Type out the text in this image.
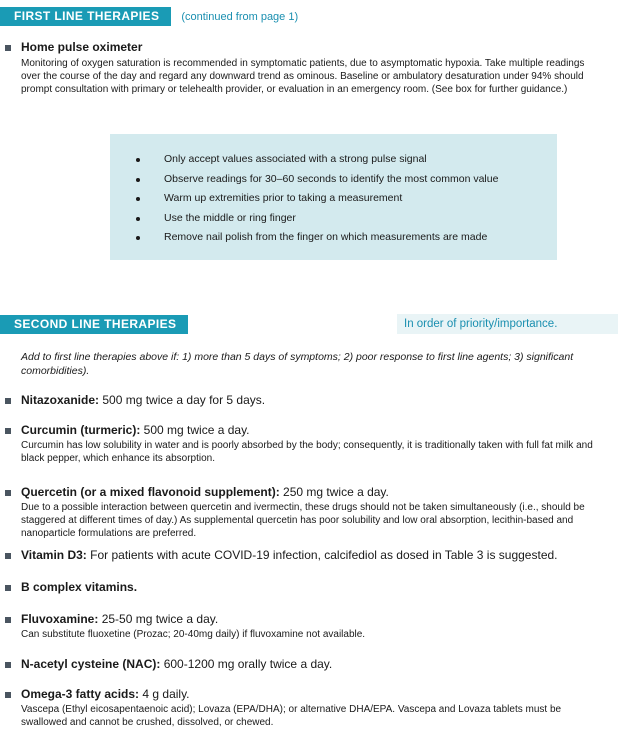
FIRST LINE THERAPIES	(continued from page 1)
Home pulse oximeter
Monitoring of oxygen saturation is recommended in symptomatic patients, due to asymptomatic hypoxia. Take multiple readings over the course of the day and regard any downward trend as ominous. Baseline or ambulatory desaturation under 94% should prompt consultation with primary or telehealth provider, or evaluation in an emergency room. (See box for further guidance.)
Only accept values associated with a strong pulse signal
Observe readings for 30–60 seconds to identify the most common value
Warm up extremities prior to taking a measurement
Use the middle or ring finger
Remove nail polish from the finger on which measurements are made
SECOND LINE THERAPIES	In order of priority/importance.
Add to first line therapies above if: 1) more than 5 days of symptoms; 2) poor response to first line agents; 3) significant comorbidities).
Nitazoxanide: 500 mg twice a day for 5 days.
Curcumin (turmeric): 500 mg twice a day.
Curcumin has low solubility in water and is poorly absorbed by the body; consequently, it is traditionally taken with full fat milk and black pepper, which enhance its absorption.
Quercetin (or a mixed flavonoid supplement): 250 mg twice a day.
Due to a possible interaction between quercetin and ivermectin, these drugs should not be taken simultaneously (i.e., should be staggered at different times of day.) As supplemental quercetin has poor solubility and low oral absorption, lecithin-based and nanoparticle formulations are preferred.
Vitamin D3: For patients with acute COVID-19 infection, calcifediol as dosed in Table 3 is suggested.
B complex vitamins.
Fluvoxamine: 25-50 mg twice a day.
Can substitute fluoxetine (Prozac; 20-40mg daily) if fluvoxamine not available.
N-acetyl cysteine (NAC): 600-1200 mg orally twice a day.
Omega-3 fatty acids: 4 g daily.
Vascepa (Ethyl eicosapentaenoic acid); Lovaza (EPA/DHA); or alternative DHA/EPA. Vascepa and Lovaza tablets must be swallowed and cannot be crushed, dissolved, or chewed.
